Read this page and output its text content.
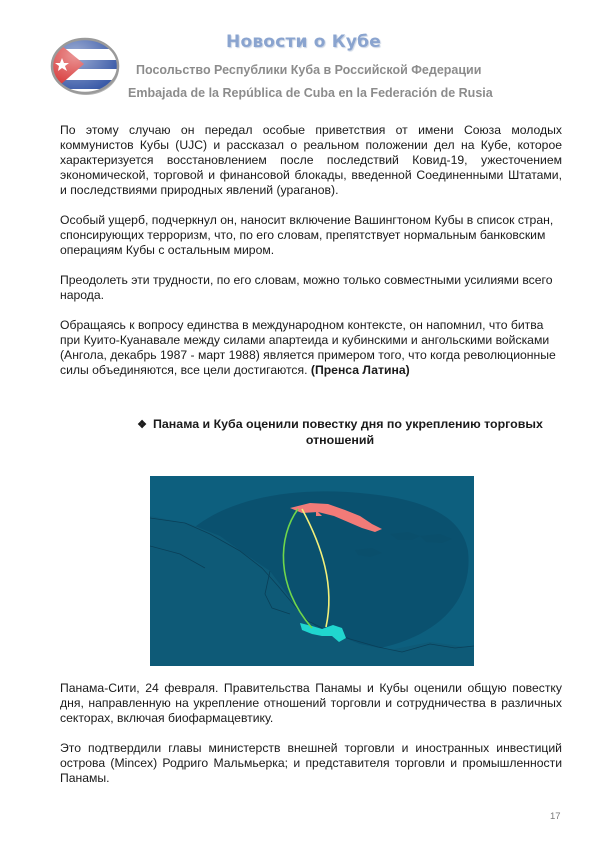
Новости о Кубе
Посольство Республики Куба в Российской Федерации
Embajada de la República de Cuba en la Federación de Rusia

По этому случаю он передал особые приветствия от имени Союза молодых коммунистов Кубы (UJC) и рассказал о реальном положении дел на Кубе, которое характеризуется восстановлением после последствий Ковид-19, ужесточением экономической, торговой и финансовой блокады, введенной Соединенными Штатами, и последствиями природных явлений (ураганов).

Особый ущерб, подчеркнул он, наносит включение Вашингтоном Кубы в список стран, спонсирующих терроризм, что, по его словам, препятствует нормальным банковским операциям Кубы с остальным миром.

Преодолеть эти трудности, по его словам, можно только совместными усилиями всего народа.

Обращаясь к вопросу единства в международном контексте, он напомнил, что битва при Куито-Куанавале между силами апартеида и кубинскими и ангольскими войсками (Ангола, декабрь 1987 - март 1988) является примером того, что когда революционные силы объединяются, все цели достигаются. (Пренса Латина)

❖ Панама и Куба оценили повестку дня по укреплению торговых отношений

Панама-Сити, 24 февраля. Правительства Панамы и Кубы оценили общую повестку дня, направленную на укрепление отношений торговли и сотрудничества в различных секторах, включая биофармацевтику.

Это подтвердили главы министерств внешней торговли и иностранных инвестиций острова (Mincex) Родриго Мальмьерка; и представителя торговли и промышленности Панамы.

17
